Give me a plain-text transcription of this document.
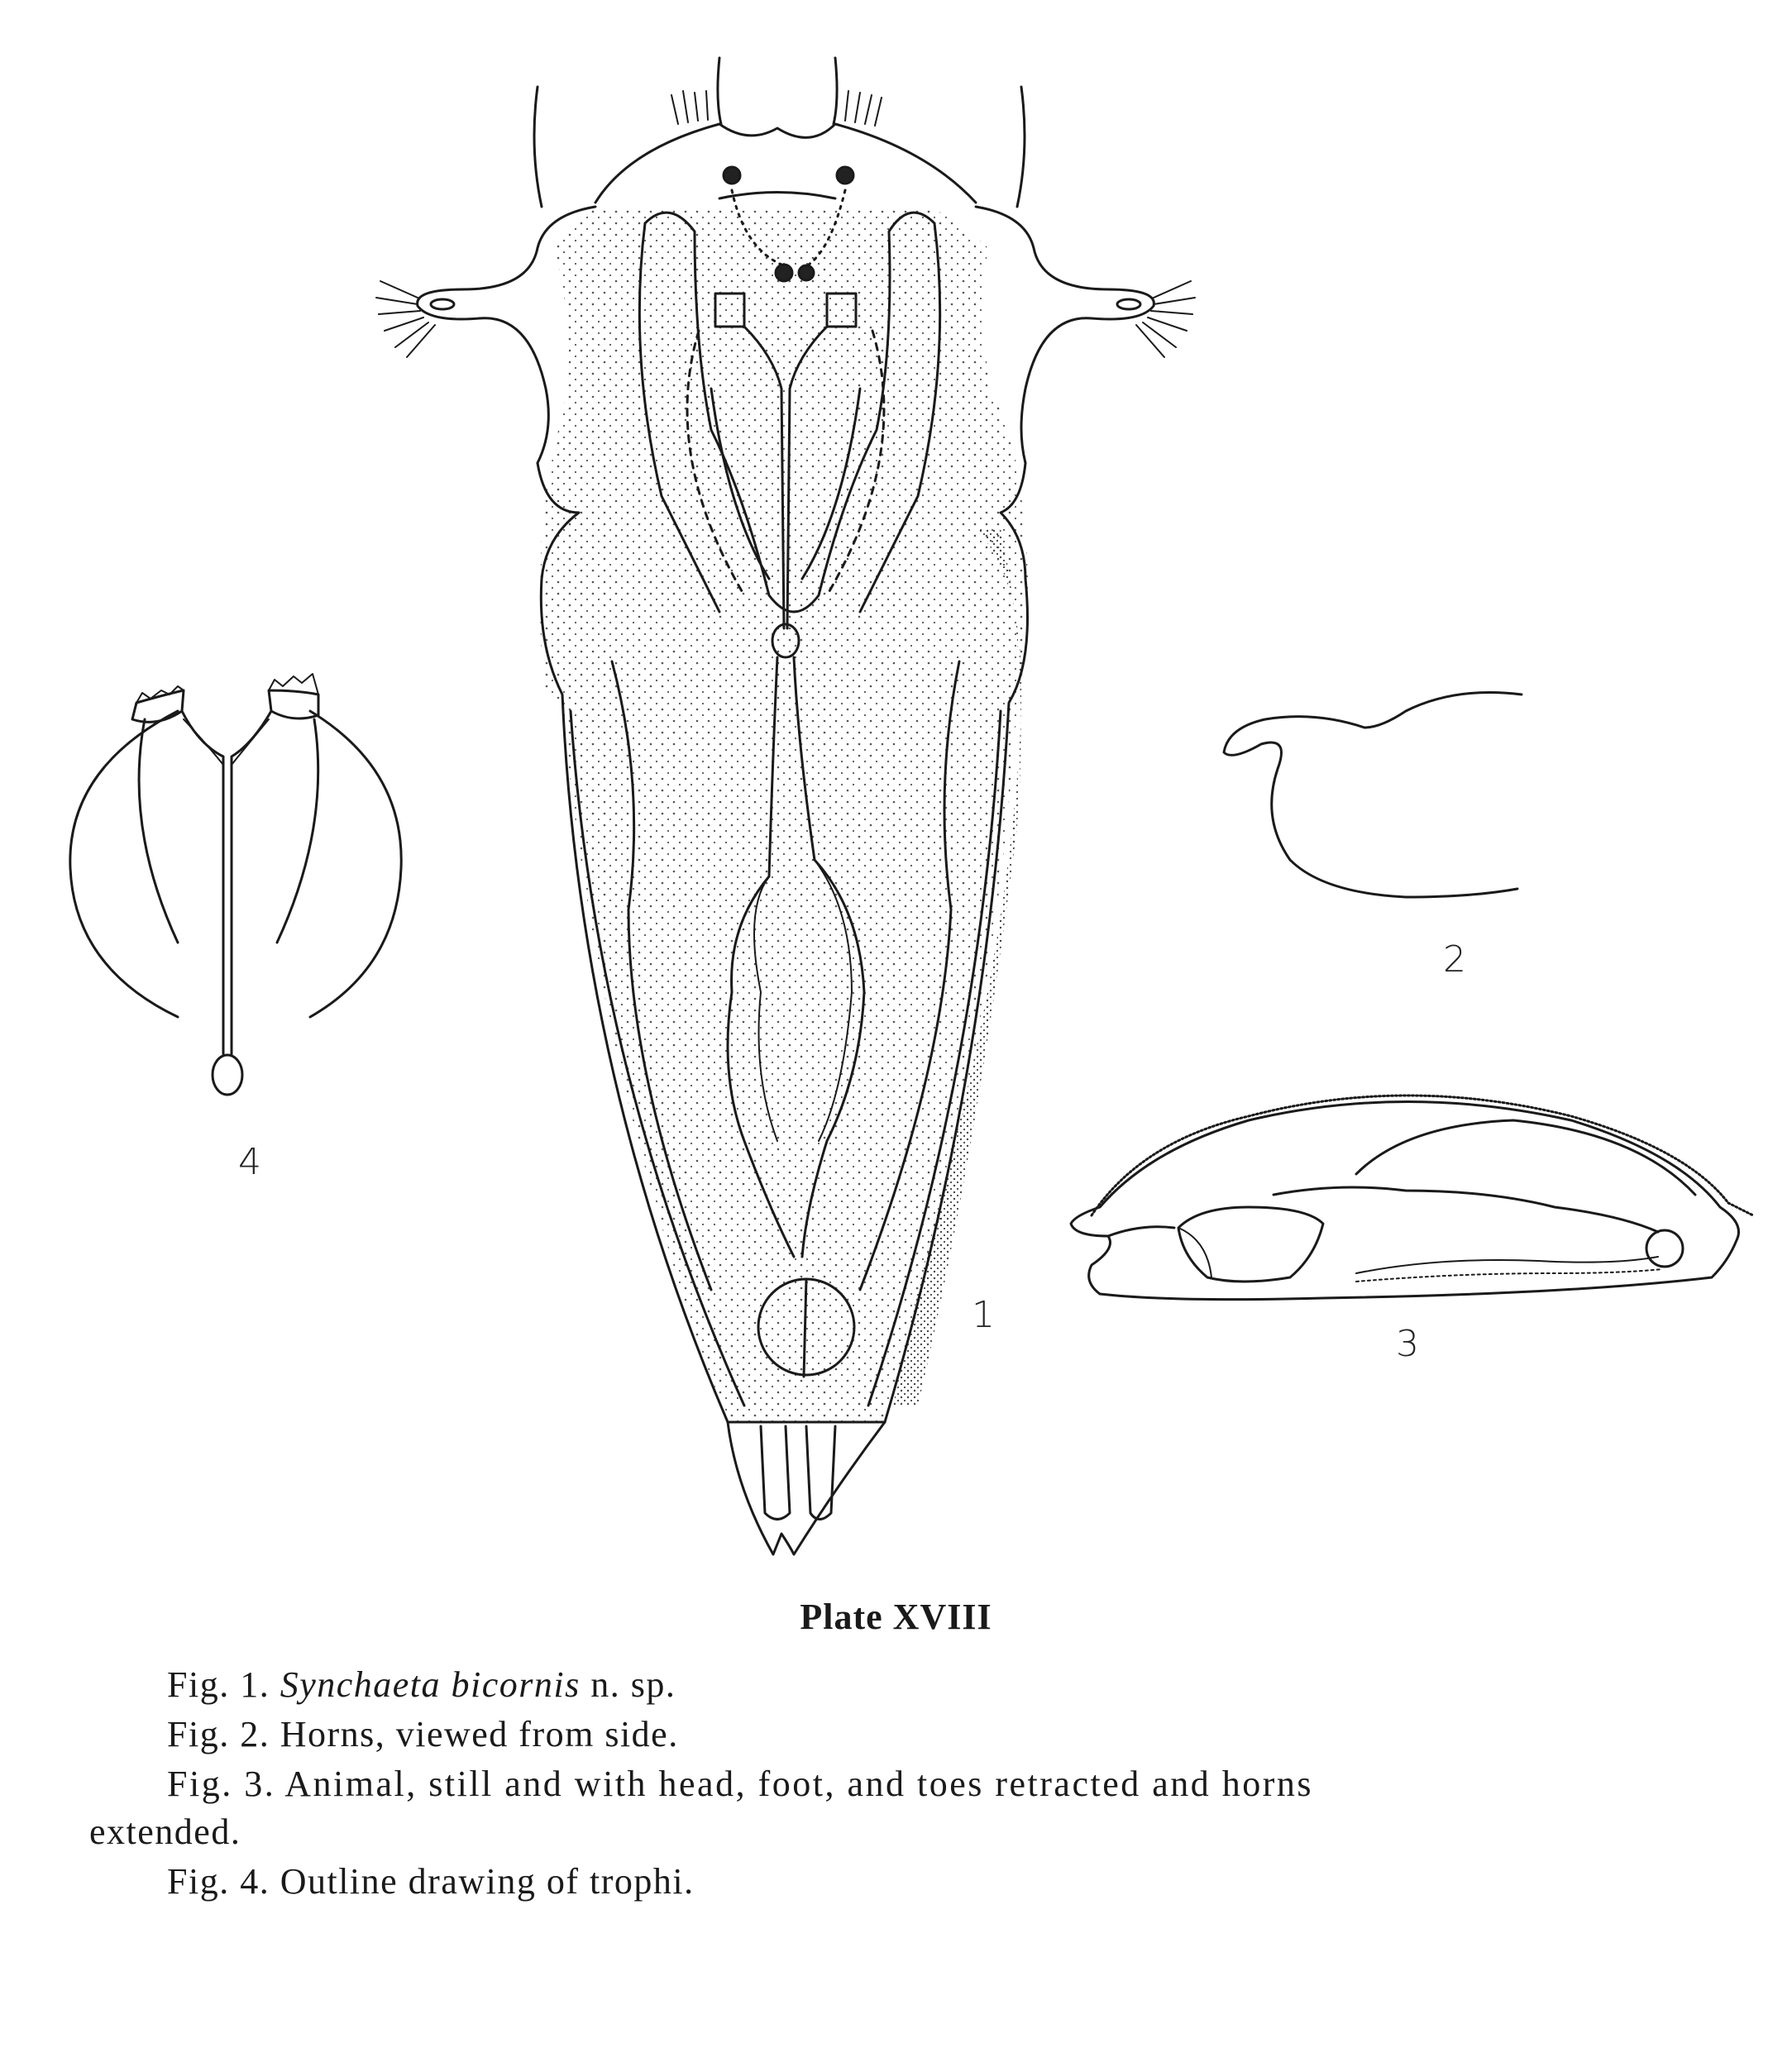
1
2
3
4
Plate XVIII
Fig. 1. Synchaeta bicornis n. sp.
Fig. 2. Horns, viewed from side.
Fig. 3. Animal, still and with head, foot, and toes retracted and horns
extended.
Fig. 4. Outline drawing of trophi.
